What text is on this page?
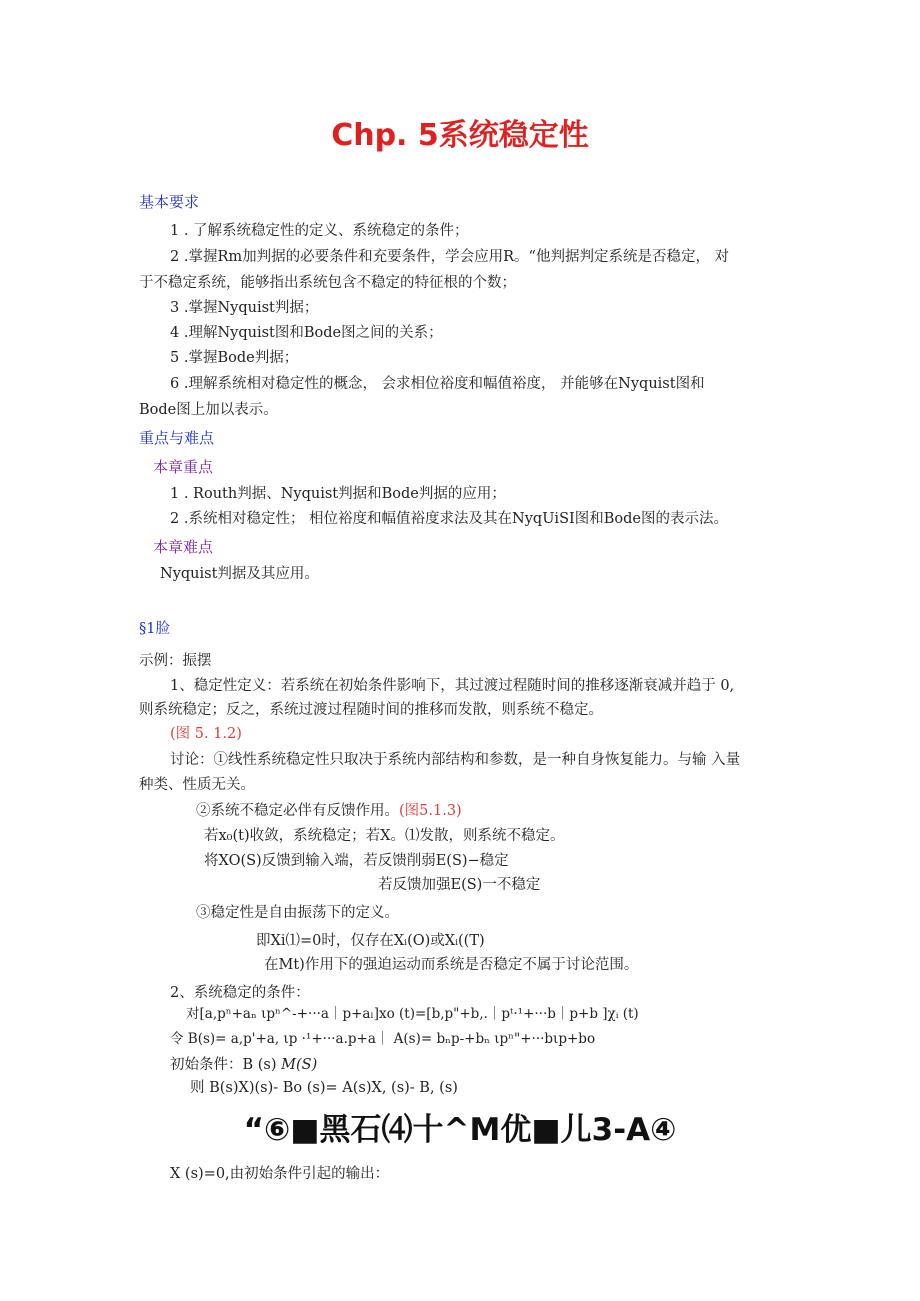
Chp. 5系统稳定性
基本要求
1 . 了解系统稳定性的定义、系统稳定的条件；
2 .掌握Rm加判据的必要条件和充要条件，学会应用R。“他判据判定系统是否稳定， 对
于不稳定系统，能够指出系统包含不稳定的特征根的个数；
3 .掌握Nyquist判据；
4 .理解Nyquist图和Bode图之间的关系；
5 .掌握Bode判据；
6 .理解系统相对稳定性的概念， 会求相位裕度和幅值裕度， 并能够在Nyquist图和
Bode图上加以表示。
重点与难点
本章重点
1 . Routh判据、Nyquist判据和Bode判据的应用；
2 .系统相对稳定性； 相位裕度和幅值裕度求法及其在NyqUiSI图和Bode图的表示法。
本章难点
Nyquist判据及其应用。
§1脸
示例：振摆
1、稳定性定义：若系统在初始条件影响下，其过渡过程随时间的推移逐渐衰减并趋于 0,
则系统稳定；反之，系统过渡过程随时间的推移而发散，则系统不稳定。
(图 5. 1.2)
讨论：①线性系统稳定性只取决于系统内部结构和参数，是一种自身恢复能力。与输 入量
种类、性质无关。
②系统不稳定必伴有反馈作用。(图5.1.3)
若x₀(t)收敛，系统稳定；若X。⑴发散，则系统不稳定。
将XO(S)反馈到输入端，若反馈削弱E(S)−稳定
若反馈加强E(S)一不稳定
③稳定性是自由振荡下的定义。
即Xi⑴=0时，仅存在Xᵢ(O)或Xᵢ((T)
在Mt)作用下的强迫运动而系统是否稳定不属于讨论范围。
2、系统稳定的条件：
对[a,pⁿ+aₙ ιpⁿ^-+···a｜p+aₗ]xo (t)=[b,p"+b,.｜pᵗ·¹+···b｜p+b ]χᵢ (t)
令 B(s)= a,p'+a, ιp ·¹+···a.p+a｜ A(s)= bₙp-+bₙ ιpⁿ"+···bιp+bo
初始条件：B (s) M(S)
则 B(s)X)(s)- Bo (s)= A(s)X, (s)- B, (s)
“⑥■黑石⑷十^M优■儿3-A④
X (s)=0,由初始条件引起的输出：
